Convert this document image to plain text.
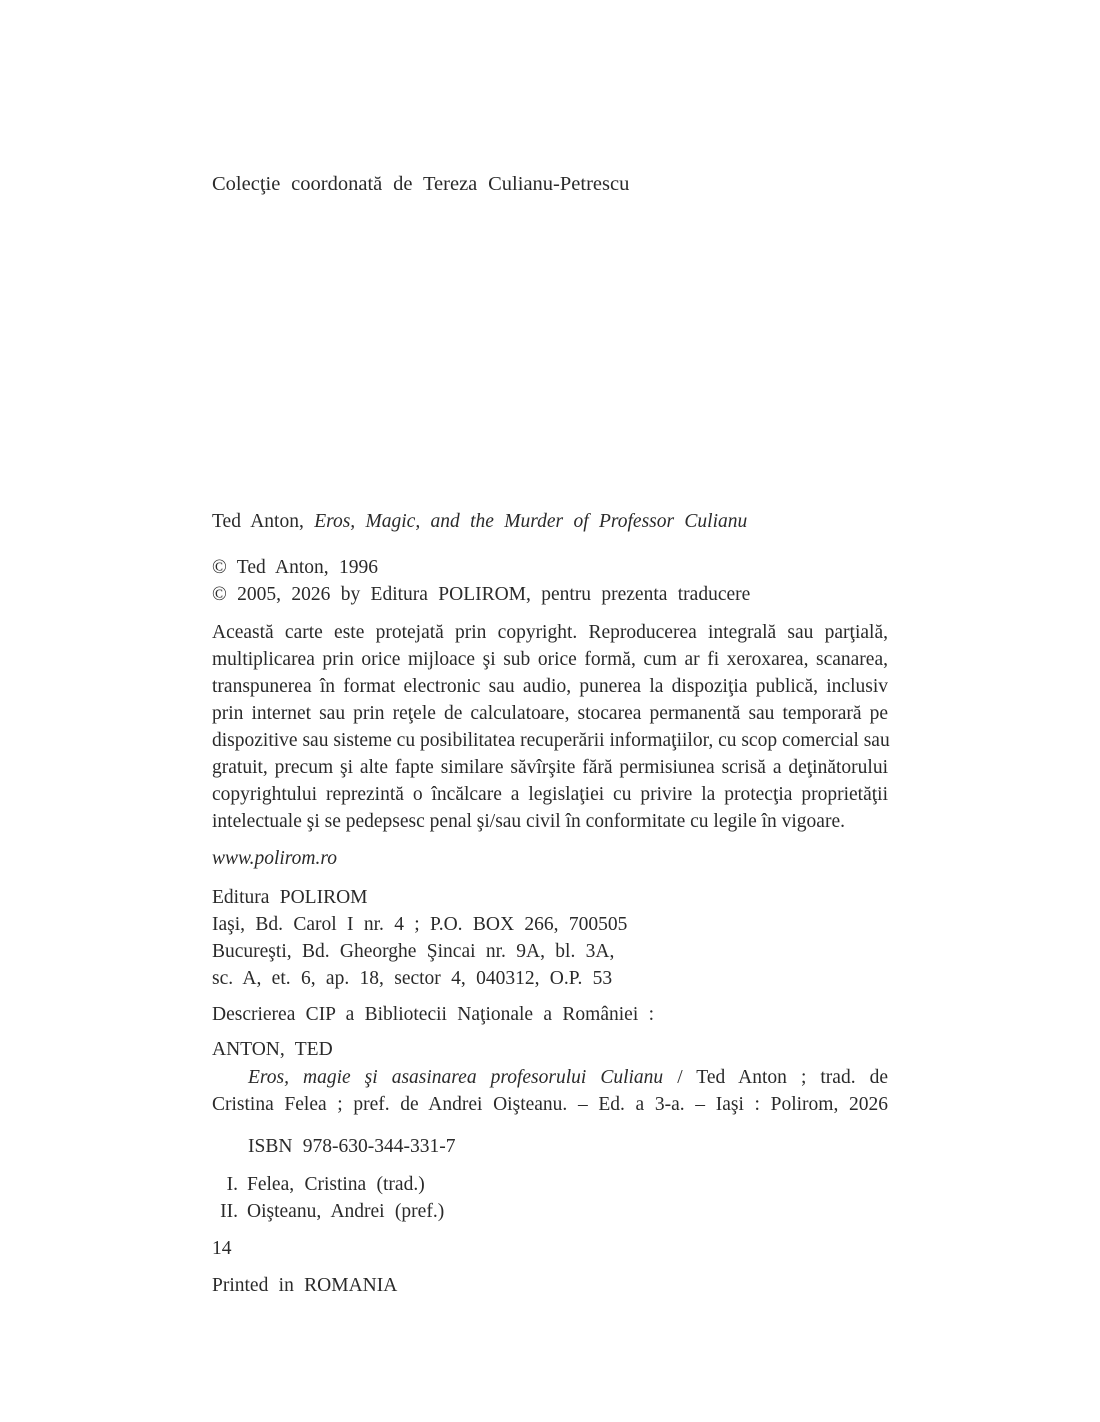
Colecţie coordonată de Tereza Culianu-Petrescu
Ted Anton, Eros, Magic, and the Murder of Professor Culianu
© Ted Anton, 1996
© 2005, 2026 by Editura POLIROM, pentru prezenta traducere
Această carte este protejată prin copyright. Reproducerea integrală sau parţială,
multiplicarea prin orice mijloace şi sub orice formă, cum ar fi xeroxarea, scanarea,
transpunerea în format electronic sau audio, punerea la dispoziţia publică, inclusiv
prin internet sau prin reţele de calculatoare, stocarea permanentă sau temporară pe
dispozitive sau sisteme cu posibilitatea recuperării informaţiilor, cu scop comercial sau
gratuit, precum şi alte fapte similare săvîrşite fără permisiunea scrisă a deţinătorului
copyrightului reprezintă o încălcare a legislaţiei cu privire la protecţia proprietăţii
intelectuale şi se pedepsesc penal şi/sau civil în conformitate cu legile în vigoare.
www.polirom.ro
Editura POLIROM
Iaşi, Bd. Carol I nr. 4 ; P.O. BOX 266, 700505
Bucureşti, Bd. Gheorghe Şincai nr. 9A, bl. 3A,
sc. A, et. 6, ap. 18, sector 4, 040312, O.P. 53
Descrierea CIP a Bibliotecii Naţionale a României :
ANTON, TED
Eros, magie şi asasinarea profesorului Culianu / Ted Anton ; trad. de
Cristina Felea ; pref. de Andrei Oişteanu. – Ed. a 3-a. – Iaşi : Polirom, 2026
ISBN 978-630-344-331-7
I. Felea, Cristina (trad.)
II. Oişteanu, Andrei (pref.)
14
Printed in ROMANIA
